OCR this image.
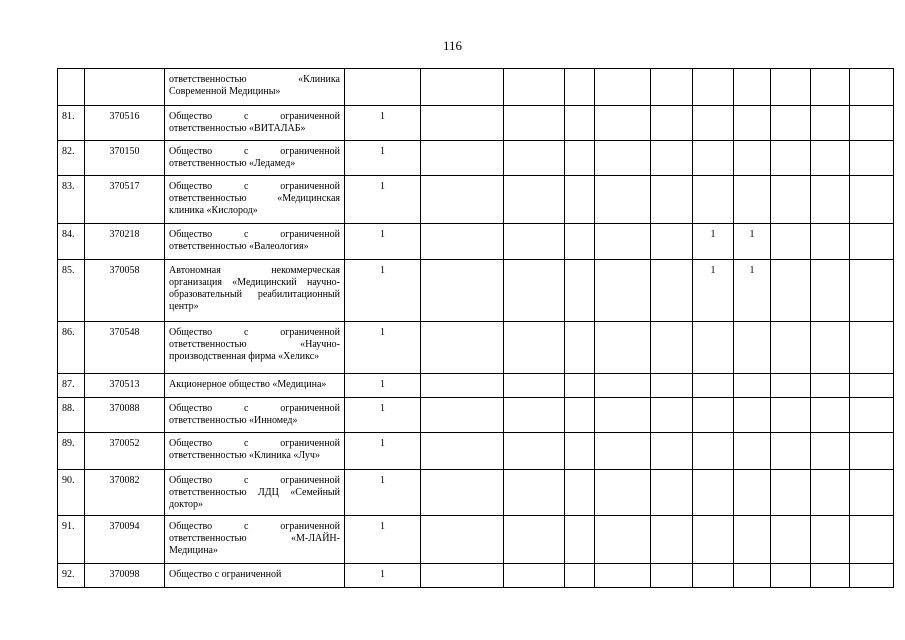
116
		ответственностью «Клиника Современной Медицины»											
81.	370516	Общество с ограниченной ответственностью «ВИТАЛАБ»	1										
82.	370150	Общество с ограниченной ответственностью «Ледамед»	1										
83.	370517	Общество с ограниченной ответственностью «Медицинская клиника «Кислород»	1										
84.	370218	Общество с ограниченной ответственностью «Валеология»	1						1	1			
85.	370058	Автономная некоммерческая организация «Медицинский научно-образовательный реабилитационный центр»	1						1	1			
86.	370548	Общество с ограниченной ответственностью «Научно-производственная фирма «Хеликс»	1										
87.	370513	Акционерное общество «Медицина»	1										
88.	370088	Общество с ограниченной ответственностью «Инномед»	1										
89.	370052	Общество с ограниченной ответственностью «Клиника «Луч»	1										
90.	370082	Общество с ограниченной ответственностью ЛДЦ «Семейный доктор»	1										
91.	370094	Общество с ограниченной ответственностью «М-ЛАЙН-Медицина»	1										
92.	370098	Общество с ограниченной	1										
